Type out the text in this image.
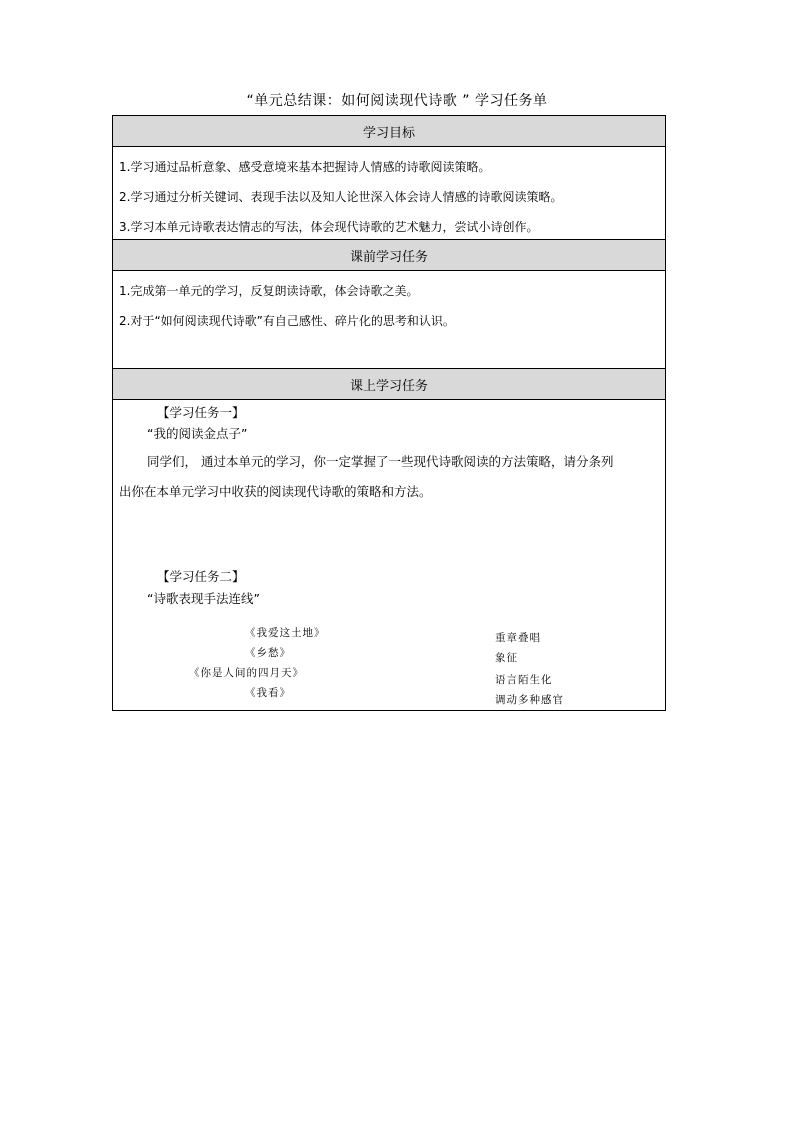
“单元总结课：如何阅读现代诗歌 ” 学习任务单
学习目标
1.学习通过品析意象、感受意境来基本把握诗人情感的诗歌阅读策略。
2.学习通过分析关键词、表现手法以及知人论世深入体会诗人情感的诗歌阅读策略。
3.学习本单元诗歌表达情志的写法，体会现代诗歌的艺术魅力，尝试小诗创作。
课前学习任务
1.完成第一单元的学习，反复朗读诗歌，体会诗歌之美。
2.对于“如何阅读现代诗歌”有自己感性、碎片化的思考和认识。
课上学习任务
【学习任务一】
“我的阅读金点子”
同学们， 通过本单元的学习，你一定掌握了一些现代诗歌阅读的方法策略，请分条列
出你在本单元学习中收获的阅读现代诗歌的策略和方法。
【学习任务二】
“诗歌表现手法连线”
《我爱这土地》
《乡愁》
《你是人间的四月天》
《我看》
重章叠唱
象征
语言陌生化
调动多种感官
